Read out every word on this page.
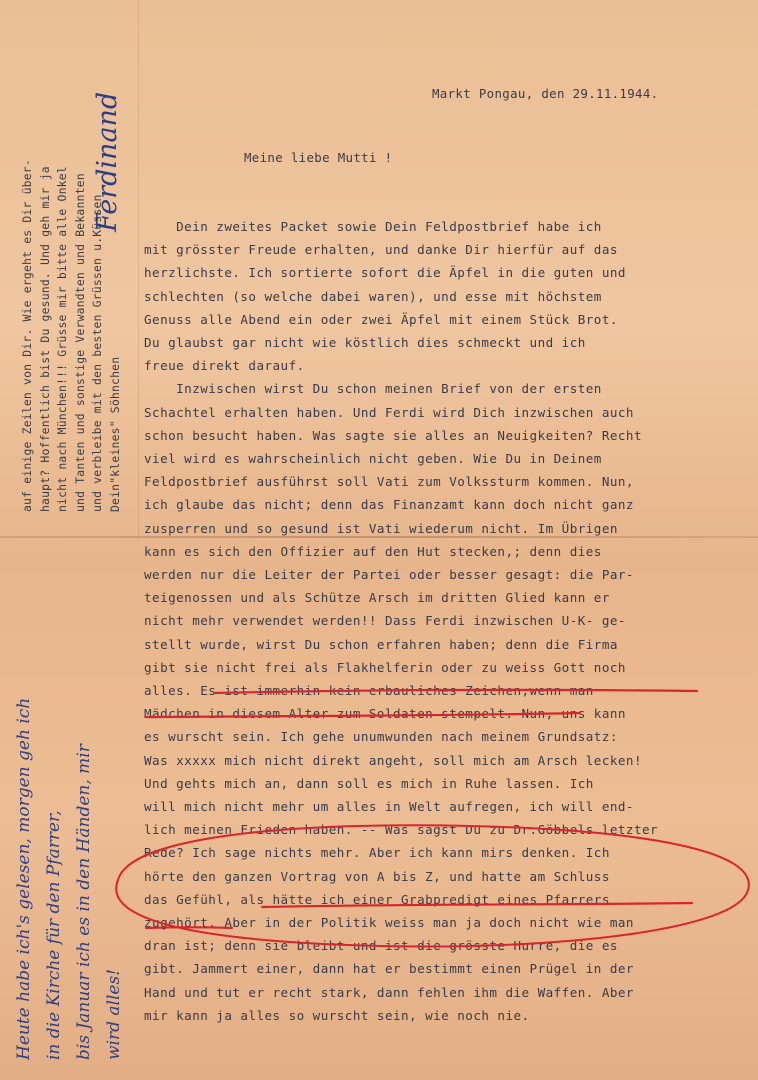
Markt Pongau, den 29.11.1944.
Meine liebe Mutti !
Dein zweites Packet sowie Dein Feldpostbrief habe ich
mit grösster Freude erhalten, und danke Dir hierfür auf das
herzlichste. Ich sortierte sofort die Äpfel in die guten und
schlechten (so welche dabei waren), und esse mit höchstem
Genuss alle Abend ein oder zwei Äpfel mit einem Stück Brot.
Du glaubst gar nicht wie köstlich dies schmeckt und ich
freue direkt darauf.
Inzwischen wirst Du schon meinen Brief von der ersten
Schachtel erhalten haben. Und Ferdi wird Dich inzwischen auch
schon besucht haben. Was sagte sie alles an Neuigkeiten? Recht
viel wird es wahrscheinlich nicht geben. Wie Du in Deinem
Feldpostbrief ausführst soll Vati zum Volkssturm kommen. Nun,
ich glaube das nicht; denn das Finanzamt kann doch nicht ganz
zusperren und so gesund ist Vati wiederum nicht. Im Übrigen
kann es sich den Offizier auf den Hut stecken,; denn dies
werden nur die Leiter der Partei oder besser gesagt: die Par-
teigenossen und als Schütze Arsch im dritten Glied kann er
nicht mehr verwendet werden!! Dass Ferdi inzwischen U-K- ge-
stellt wurde, wirst Du schon erfahren haben; denn die Firma
gibt sie nicht frei als Flakhelferin oder zu weiss Gott noch
alles. Es ist immerhin kein erbauliches Zeichen,wenn man
Mädchen in diesem Alter zum Soldaten stempelt. Nun, uns kann
es wurscht sein. Ich gehe unumwunden nach meinem Grundsatz:
Was xxxxx mich nicht direkt angeht, soll mich am Arsch lecken!
Und gehts mich an, dann soll es mich in Ruhe lassen. Ich
will mich nicht mehr um alles in Welt aufregen, ich will end-
lich meinen Frieden haben. -- Was sagst Du zu Dr.Göbbels letzter
Rede? Ich sage nichts mehr. Aber ich kann mirs denken. Ich
hörte den ganzen Vortrag von A bis Z, und hatte am Schluss
das Gefühl, als hätte ich einer Grabpredigt eines Pfarrers
zugehört. Aber in der Politik weiss man ja doch nicht wie man
dran ist; denn sie bleibt und ist die grösste Hurre, die es
gibt. Jammert einer, dann hat er bestimmt einen Prügel in der
Hand und tut er recht stark, dann fehlen ihm die Waffen. Aber
mir kann ja alles so wurscht sein, wie noch nie.
auf einige Zeilen von Dir. Wie ergeht es Dir über- haupt? Hoffentlich bist Du gesund. Und geh mir ja nicht nach München!!! Grüsse mir bitte alle Onkel und Tanten und sonstige Verwandten und Bekannten und verbleibe mit den besten Grüssen u.Küssen Dein"kleines" Söhnchen
Ferdinand
Heute habe ich's gelesen, morgen geh ich in die Kirche für den Pfarrer, bis Januar ich es in den Händen, mir wird alles!
